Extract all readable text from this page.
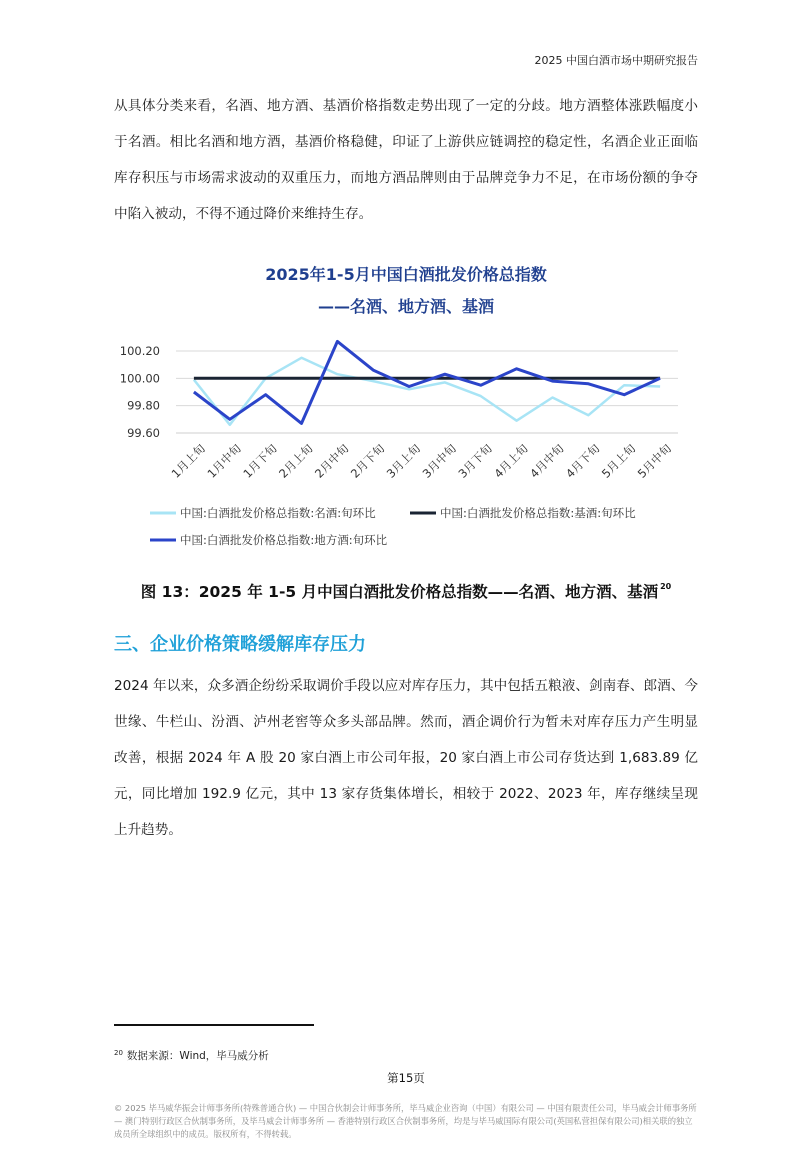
2025 中国白酒市场中期研究报告

从具体分类来看，名酒、地方酒、基酒价格指数走势出现了一定的分歧。地方酒整体涨跌幅度小于名酒。相比名酒和地方酒，基酒价格稳健，印证了上游供应链调控的稳定性，名酒企业正面临库存积压与市场需求波动的双重压力，而地方酒品牌则由于品牌竞争力不足，在市场份额的争夺中陷入被动，不得不通过降价来维持生存。

2025年1-5月中国白酒批发价格总指数
——名酒、地方酒、基酒
100.20
100.00
99.80
99.60
1月上旬
1月中旬
1月下旬
2月上旬
2月中旬
2月下旬
3月上旬
3月中旬
3月下旬
4月上旬
4月中旬
4月下旬
5月上旬
5月中旬
中国:白酒批发价格总指数:名酒:旬环比	中国:白酒批发价格总指数:基酒:旬环比
中国:白酒批发价格总指数:地方酒:旬环比
图 13：2025 年 1-5 月中国白酒批发价格总指数——名酒、地方酒、基酒 $^{20}$
三、企业价格策略缓解库存压力

2024 年以来，众多酒企纷纷采取调价手段以应对库存压力，其中包括五粮液、剑南春、郎酒、今世缘、牛栏山、汾酒、泸州老窖等众多头部品牌。然而，酒企调价行为暂未对库存压力产生明显改善，根据 2024 年 A 股 20 家白酒上市公司年报，20 家白酒上市公司存货达到 1,683.89 亿元，同比增加 192.9 亿元，其中 13 家存货集体增长，相较于 2022、2023 年，库存继续呈现上升趋势。

$^{20}$ 数据来源：Wind，毕马威分析
第15页
© 2025 毕马威华振会计师事务所(特殊普通合伙) — 中国合伙制会计师事务所，毕马威企业咨询（中国）有限公司 — 中国有限责任公司，毕马威会计师事务所 — 澳门特别行政区合伙制事务所，及毕马威会计师事务所 — 香港特别行政区合伙制事务所，均是与毕马威国际有限公司(英国私营担保有限公司)相关联的独立成员所全球组织中的成员。版权所有，不得转载。
